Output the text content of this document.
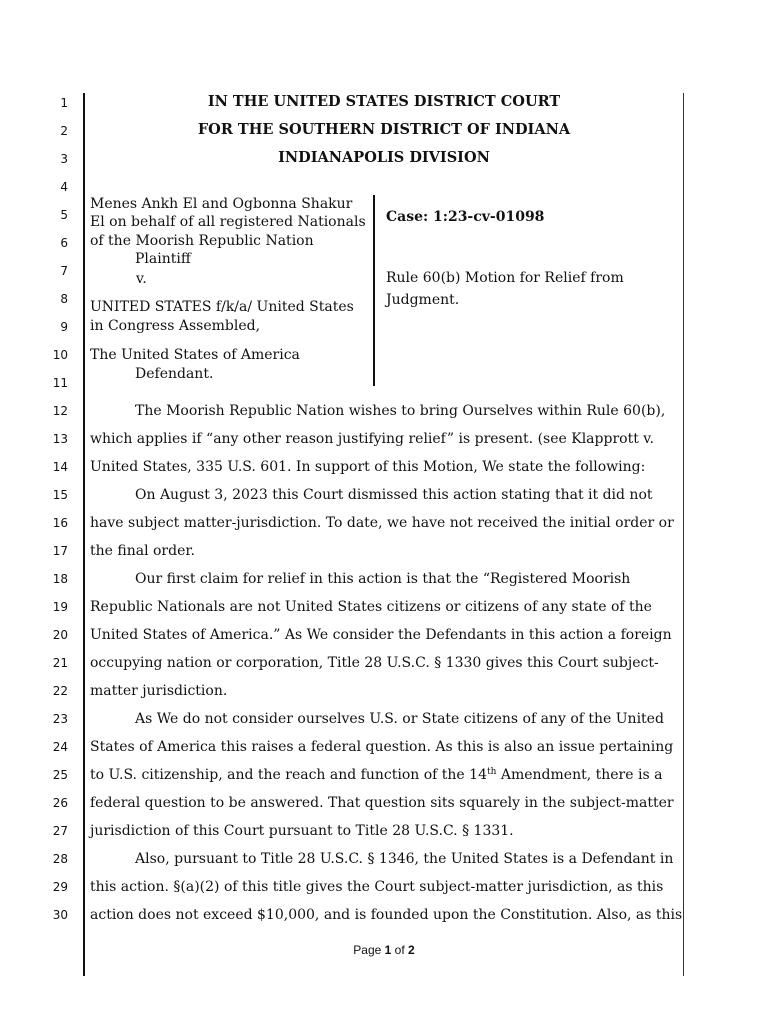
1
2
3
4
5
6
7
8
9
10
11
12
13
14
15
16
17
18
19
20
21
22
23
24
25
26
27
28
29
30
IN THE UNITED STATES DISTRICT COURT
FOR THE SOUTHERN DISTRICT OF INDIANA
INDIANAPOLIS DIVISION
Menes Ankh El and Ogbonna Shakur
El on behalf of all registered Nationals
of the Moorish Republic Nation
Plaintiff
v.
UNITED STATES f/k/a/ United States
in Congress Assembled,
The United States of America
Defendant.
Case: 1:23-cv-01098
Rule 60(b) Motion for Relief from
Judgment.
The Moorish Republic Nation wishes to bring Ourselves within Rule 60(b),
which applies if “any other reason justifying relief” is present. (see Klapprott v.
United States, 335 U.S. 601. In support of this Motion, We state the following:
On August 3, 2023 this Court dismissed this action stating that it did not
have subject matter-jurisdiction. To date, we have not received the initial order or
the final order.
Our first claim for relief in this action is that the “Registered Moorish
Republic Nationals are not United States citizens or citizens of any state of the
United States of America.” As We consider the Defendants in this action a foreign
occupying nation or corporation, Title 28 U.S.C. § 1330 gives this Court subject-
matter jurisdiction.
As We do not consider ourselves U.S. or State citizens of any of the United
States of America this raises a federal question. As this is also an issue pertaining
to U.S. citizenship, and the reach and function of the 14th Amendment, there is a
federal question to be answered. That question sits squarely in the subject-matter
jurisdiction of this Court pursuant to Title 28 U.S.C. § 1331.
Also, pursuant to Title 28 U.S.C. § 1346, the United States is a Defendant in
this action. §(a)(2) of this title gives the Court subject-matter jurisdiction, as this
action does not exceed $10,000, and is founded upon the Constitution. Also, as this
Page 1 of 2
